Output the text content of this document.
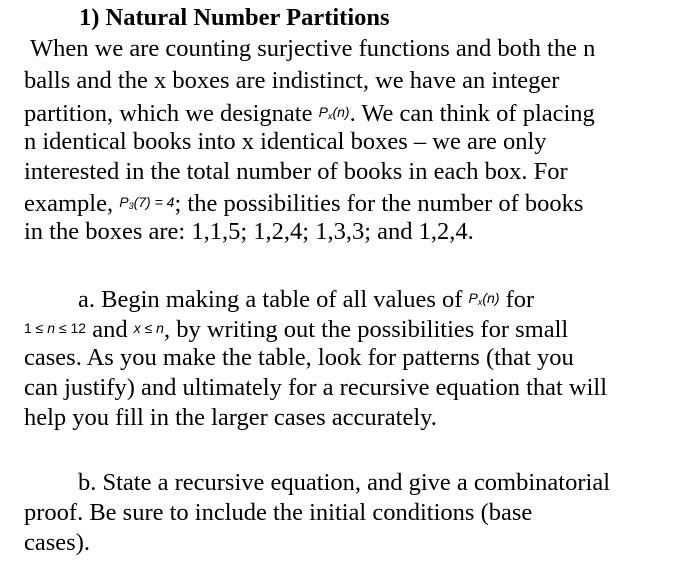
1) Natural Number Partitions
When we are counting surjective functions and both the n
balls and the x boxes are indistinct, we have an integer
partition, which we designate $P_x(n)$. We can think of placing
n identical books into x identical boxes – we are only
interested in the total number of books in each box. For
example, $P_3(7) = 4$; the possibilities for the number of books
in the boxes are: 1,1,5; 1,2,4; 1,3,3; and 1,2,4.
a. Begin making a table of all values of $P_x(n)$ for
1 ≤ n ≤ 12 and x ≤ n, by writing out the possibilities for small
cases. As you make the table, look for patterns (that you
can justify) and ultimately for a recursive equation that will
help you fill in the larger cases accurately.
b. State a recursive equation, and give a combinatorial
proof. Be sure to include the initial conditions (base
cases).
